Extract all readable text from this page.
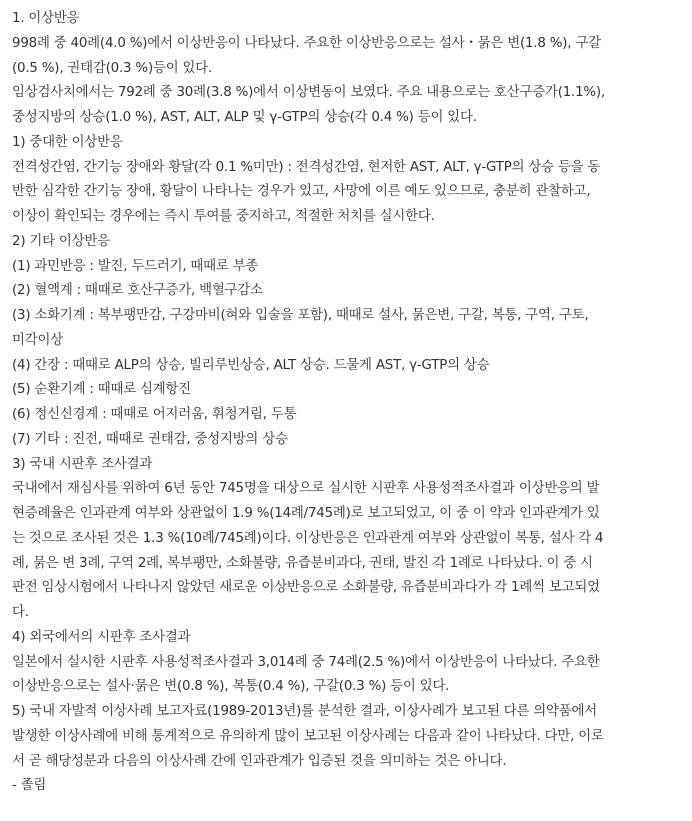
1. 이상반응
998례 중 40례(4.0 %)에서 이상반응이 나타났다. 주요한 이상반응으로는 설사・묽은 변(1.8 %), 구갈
(0.5 %), 권태감(0.3 %)등이 있다.
임상검사치에서는 792례 중 30례(3.8 %)에서 이상변동이 보였다. 주요 내용으로는 호산구증가(1.1%),
중성지방의 상승(1.0 %), AST, ALT, ALP 및 γ-GTP의 상승(각 0.4 %) 등이 있다.
1) 중대한 이상반응
전격성간염, 간기능 장애와 황달(각 0.1 %미만) : 전격성간염, 현저한 AST, ALT, γ-GTP의 상승 등을 동
반한 심각한 간기능 장애, 황달이 나타나는 경우가 있고, 사망에 이른 예도 있으므로, 충분히 관찰하고,
이상이 확인되는 경우에는 즉시 투여를 중지하고, 적절한 처치를 실시한다.
2) 기타 이상반응
(1) 과민반응 : 발진, 두드러기, 때때로 부종
(2) 혈액계 : 때때로 호산구증가, 백혈구감소
(3) 소화기계 : 복부팽만감, 구강마비(혀와 입술을 포함), 때때로 설사, 묽은변, 구갈, 복통, 구역, 구토,
미각이상
(4) 간장 : 때때로 ALP의 상승, 빌리루빈상승, ALT 상승. 드물게 AST, γ-GTP의 상승
(5) 순환기계 : 때때로 심계항진
(6) 정신신경계 : 때때로 어지러움, 휘청거림, 두통
(7) 기타 : 진전, 때때로 권태감, 중성지방의 상승
3) 국내 시판후 조사결과
국내에서 재심사를 위하여 6년 동안 745명을 대상으로 실시한 시판후 사용성적조사결과 이상반응의 발
현증례율은 인과관계 여부와 상관없이 1.9 %(14례/745례)로 보고되었고, 이 중 이 약과 인과관계가 있
는 것으로 조사된 것은 1.3 %(10례/745례)이다. 이상반응은 인과관계 여부와 상관없이 복통, 설사 각 4
례, 묽은 변 3례, 구역 2례, 복부팽만, 소화불량, 유즙분비과다, 권태, 발진 각 1례로 나타났다. 이 중 시
판전 임상시험에서 나타나지 않았던 새로운 이상반응으로 소화불량, 유즙분비과다가 각 1례씩 보고되었
다.
4) 외국에서의 시판후 조사결과
일본에서 실시한 시판후 사용성적조사결과 3,014례 중 74례(2.5 %)에서 이상반응이 나타났다. 주요한
이상반응으로는 설사·묽은 변(0.8 %), 복통(0.4 %), 구갈(0.3 %) 등이 있다.
5) 국내 자발적 이상사례 보고자료(1989-2013년)를 분석한 결과, 이상사례가 보고된 다른 의약품에서
발생한 이상사례에 비해 통계적으로 유의하게 많이 보고된 이상사례는 다음과 같이 나타났다. 다만, 이로
서 곧 해당성분과 다음의 이상사례 간에 인과관계가 입증된 것을 의미하는 것은 아니다.
- 졸림
